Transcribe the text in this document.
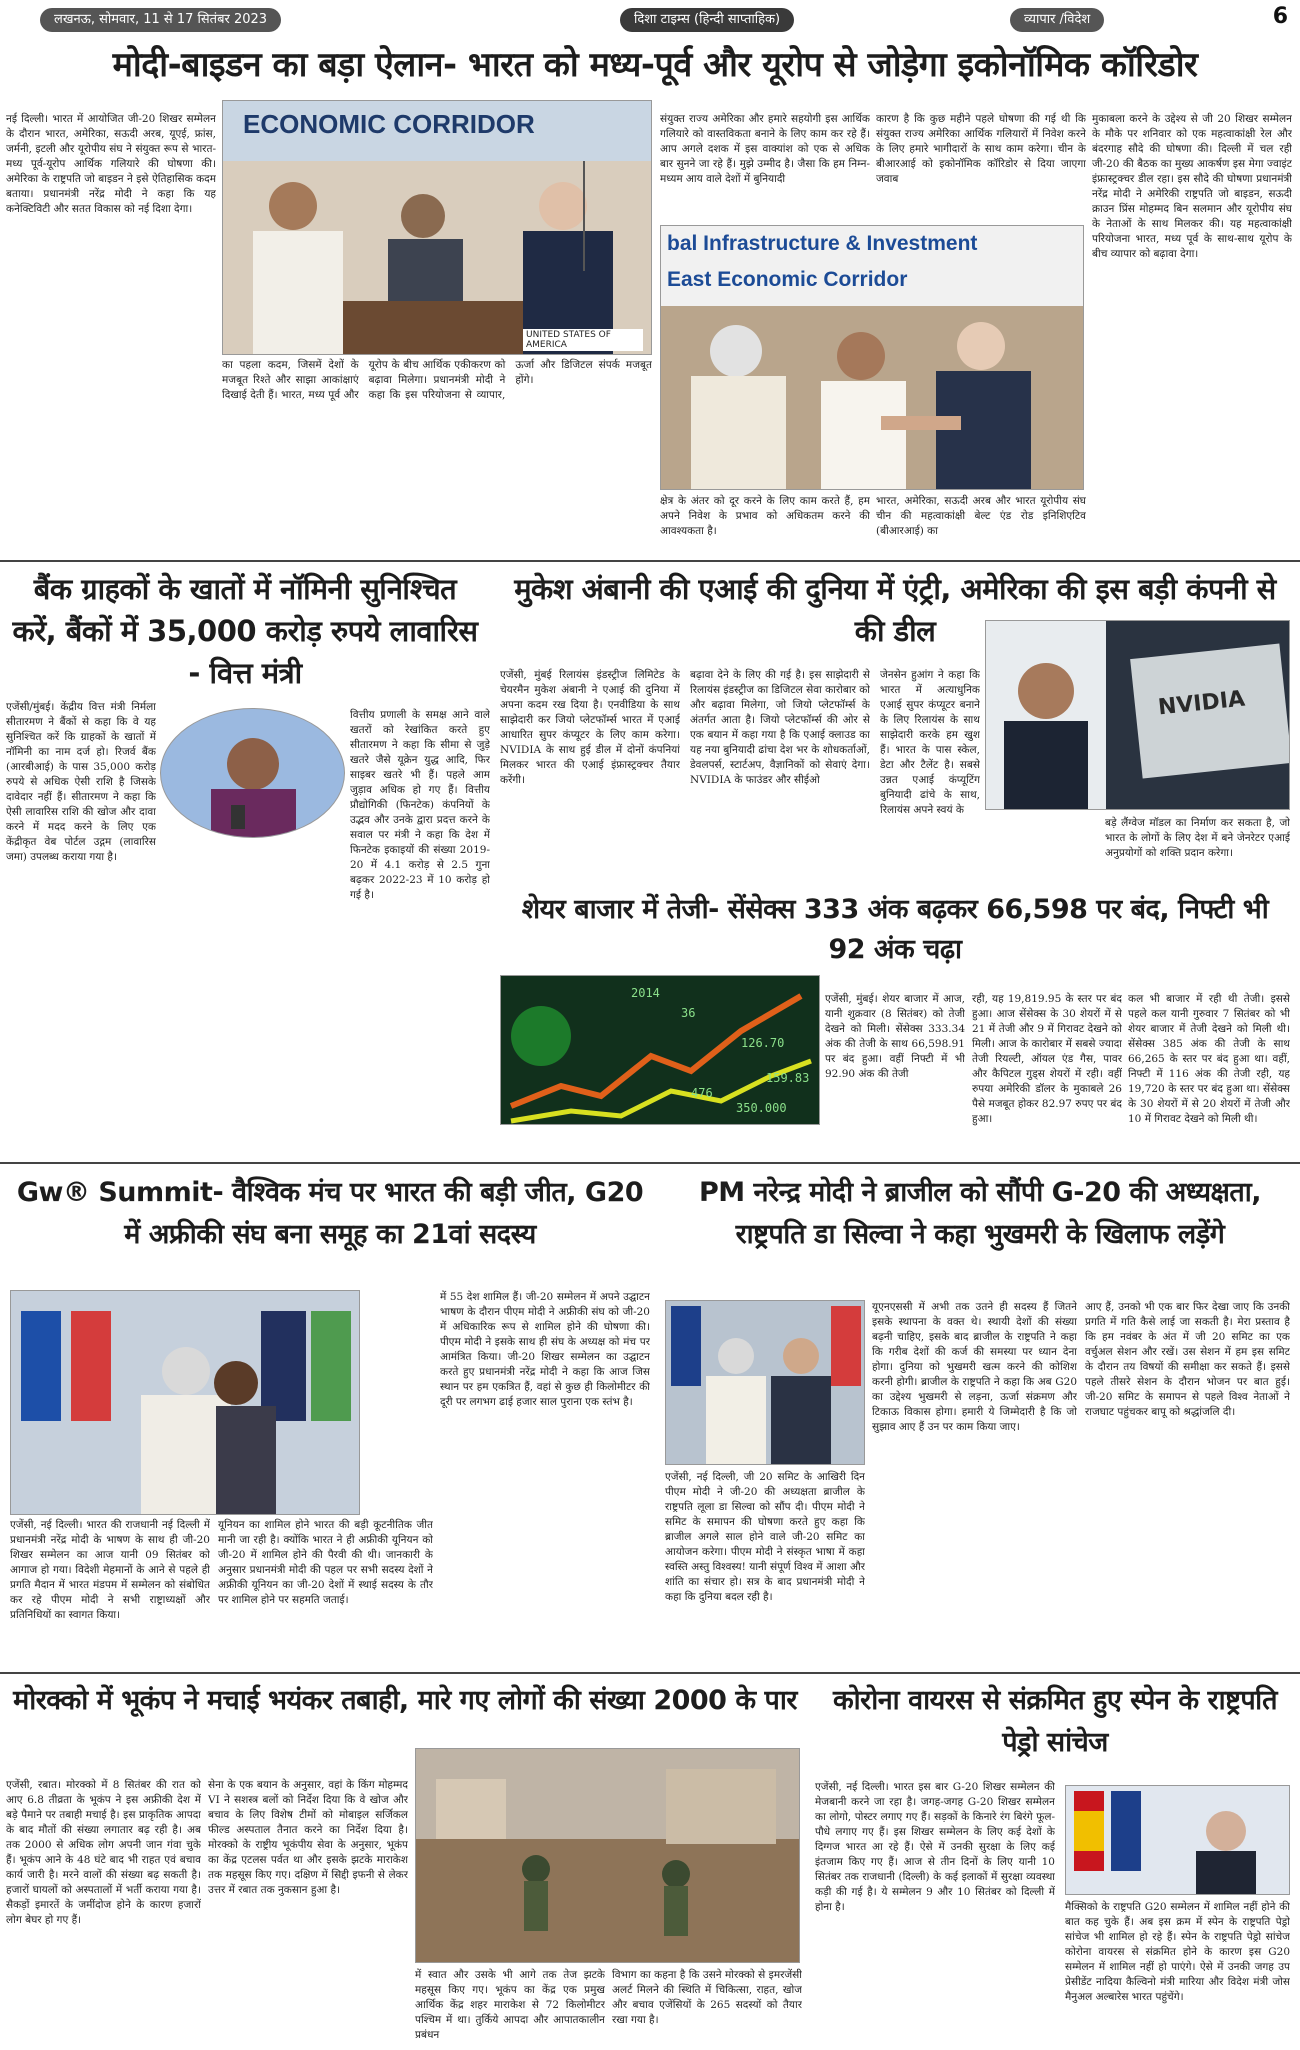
लखनऊ, सोमवार, 11 से 17 सितंबर 2023	दिशा टाइम्स (हिन्दी साप्ताहिक)	व्यापार /विदेश	6
मोदी-बाइडन का बड़ा ऐलान- भारत को मध्य-पूर्व और यूरोप से जोड़ेगा इकोनॉमिक कॉरिडोर
नई दिल्ली। भारत में आयोजित जी-20 शिखर सम्मेलन के दौरान भारत, अमेरिका, सऊदी अरब, यूएई, फ्रांस, जर्मनी, इटली और यूरोपीय संघ ने संयुक्त रूप से भारत-मध्य पूर्व-यूरोप आर्थिक गलियारे की घोषणा की। अमेरिका के राष्ट्रपति जो बाइडन ने इसे ऐतिहासिक कदम बताया। प्रधानमंत्री नरेंद्र मोदी ने कहा कि यह कनेक्टिविटी और सतत विकास को नई दिशा देगा।
ECONOMIC CORRIDOR
UNITED STATES OF AMERICA
का पहला कदम, जिसमें देशों के मजबूत रिश्ते और साझा आकांक्षाएं दिखाई देती हैं। भारत, मध्य पूर्व और यूरोप के बीच आर्थिक एकीकरण को बढ़ावा मिलेगा। प्रधानमंत्री मोदी ने कहा कि इस परियोजना से व्यापार, ऊर्जा और डिजिटल संपर्क मजबूत होंगे।
संयुक्त राज्य अमेरिका और हमारे सहयोगी इस आर्थिक गलियारे को वास्तविकता बनाने के लिए काम कर रहे हैं। आप अगले दशक में इस वाक्यांश को एक से अधिक बार सुनने जा रहे हैं। मुझे उम्मीद है। जैसा कि हम निम्न-मध्यम आय वाले देशों में बुनियादी
कारण है कि कुछ महीने पहले घोषणा की गई थी कि संयुक्त राज्य अमेरिका आर्थिक गलियारों में निवेश करने के लिए हमारे भागीदारों के साथ काम करेगा। चीन के बीआरआई को इकोनॉमिक कॉरिडोर से दिया जाएगा जवाब
bal Infrastructure & Investment
East Economic Corridor
क्षेत्र के अंतर को दूर करने के लिए काम करते हैं, हम अपने निवेश के प्रभाव को अधिकतम करने की आवश्यकता है।
भारत, अमेरिका, सऊदी अरब और भारत यूरोपीय संघ चीन की महत्वाकांक्षी बेल्ट एंड रोड इनिशिएटिव (बीआरआई) का
मुकाबला करने के उद्देश्य से जी 20 शिखर सम्मेलन के मौके पर शनिवार को एक महत्वाकांक्षी रेल और बंदरगाह सौदे की घोषणा की। दिल्ली में चल रही जी-20 की बैठक का मुख्य आकर्षण इस मेगा ज्वाइंट इंफ्रास्ट्रक्चर डील रहा। इस सौदे की घोषणा प्रधानमंत्री नरेंद्र मोदी ने अमेरिकी राष्ट्रपति जो बाइडन, सऊदी क्राउन प्रिंस मोहम्मद बिन सलमान और यूरोपीय संघ के नेताओं के साथ मिलकर की। यह महत्वाकांक्षी परियोजना भारत, मध्य पूर्व के साथ-साथ यूरोप के बीच व्यापार को बढ़ावा देगा।
बैंक ग्राहकों के खातों में नॉमिनी सुनिश्चित करें, बैंकों में 35,000 करोड़ रुपये लावारिस - वित्त मंत्री
एजेंसी/मुंबई। केंद्रीय वित्त मंत्री निर्मला सीतारमण ने बैंकों से कहा कि वे यह सुनिश्चित करें कि ग्राहकों के खातों में नॉमिनी का नाम दर्ज हो। रिजर्व बैंक (आरबीआई) के पास 35,000 करोड़ रुपये से अधिक ऐसी राशि है जिसके दावेदार नहीं हैं। सीतारमण ने कहा कि ऐसी लावारिस राशि की खोज और दावा करने में मदद करने के लिए एक केंद्रीकृत वेब पोर्टल उद्गम (लावारिस जमा) उपलब्ध कराया गया है।
वित्तीय प्रणाली के समक्ष आने वाले खतरों को रेखांकित करते हुए सीतारमण ने कहा कि सीमा से जुड़े खतरे जैसे यूक्रेन युद्ध आदि, फिर साइबर खतरे भी हैं। पहले आम जुड़ाव अधिक हो गए हैं। वित्तीय प्रौद्योगिकी (फिनटेक) कंपनियों के उद्भव और उनके द्वारा प्रदत्त करने के सवाल पर मंत्री ने कहा कि देश में फिनटेक इकाइयों की संख्या 2019-20 में 4.1 करोड़ से 2.5 गुना बढ़कर 2022-23 में 10 करोड़ हो गई है।
मुकेश अंबानी की एआई की दुनिया में एंट्री, अमेरिका की इस बड़ी कंपनी से की डील
एजेंसी, मुंबई रिलायंस इंडस्ट्रीज लिमिटेड के चेयरमैन मुकेश अंबानी ने एआई की दुनिया में अपना कदम रख दिया है। एनवीडिया के साथ साझेदारी कर जियो प्लेटफॉर्म्स भारत में एआई आधारित सुपर कंप्यूटर के लिए काम करेगा। NVIDIA के साथ हुई डील में दोनों कंपनियां मिलकर भारत की एआई इंफ्रास्ट्रक्चर तैयार करेंगी।
बढ़ावा देने के लिए की गई है। इस साझेदारी से रिलायंस इंडस्ट्रीज का डिजिटल सेवा कारोबार को और बढ़ावा मिलेगा, जो जियो प्लेटफॉर्म्स के अंतर्गत आता है। जियो प्लेटफॉर्म्स की ओर से एक बयान में कहा गया है कि एआई क्लाउड का यह नया बुनियादी ढांचा देश भर के शोधकर्ताओं, डेवलपर्स, स्टार्टअप, वैज्ञानिकों को सेवाएं देगा। NVIDIA के फाउंडर और सीईओ
जेनसेन हुआंग ने कहा कि भारत में अत्याधुनिक एआई सुपर कंप्यूटर बनाने के लिए रिलायंस के साथ साझेदारी करके हम खुश हैं। भारत के पास स्केल, डेटा और टैलेंट है। सबसे उन्नत एआई कंप्यूटिंग बुनियादी ढांचे के साथ, रिलायंस अपने स्वयं के
NVIDIA
बड़े लैंग्वेज मॉडल का निर्माण कर सकता है, जो भारत के लोगों के लिए देश में बने जेनरेटर एआई अनुप्रयोगों को शक्ति प्रदान करेगा।
शेयर बाजार में तेजी- सेंसेक्स 333 अंक बढ़कर 66,598 पर बंद, निफ्टी भी 92 अंक चढ़ा
2014
36
126.70
350.000
159.83
476
एजेंसी, मुंबई। शेयर बाजार में आज, यानी शुक्रवार (8 सितंबर) को तेजी देखने को मिली। सेंसेक्स 333.34 अंक की तेजी के साथ 66,598.91 पर बंद हुआ। वहीं निफ्टी में भी 92.90 अंक की तेजी
रही, यह 19,819.95 के स्तर पर बंद हुआ। आज सेंसेक्स के 30 शेयरों में से 21 में तेजी और 9 में गिरावट देखने को मिली। आज के कारोबार में सबसे ज्यादा तेजी रियल्टी, ऑयल एंड गैस, पावर और कैपिटल गुड्स शेयरों में रही। वहीं रुपया अमेरिकी डॉलर के मुकाबले 26 पैसे मजबूत होकर 82.97 रुपए पर बंद हुआ।
कल भी बाजार में रही थी तेजी। इससे पहले कल यानी गुरुवार 7 सितंबर को भी शेयर बाजार में तेजी देखने को मिली थी। सेंसेक्स 385 अंक की तेजी के साथ 66,265 के स्तर पर बंद हुआ था। वहीं, निफ्टी में 116 अंक की तेजी रही, यह 19,720 के स्तर पर बंद हुआ था। सेंसेक्स के 30 शेयरों में से 20 शेयरों में तेजी और 10 में गिरावट देखने को मिली थी।
Gw® Summit- वैश्विक मंच पर भारत की बड़ी जीत, G20 में अफ्रीकी संघ बना समूह का 21वां सदस्य
एजेंसी, नई दिल्ली। भारत की राजधानी नई दिल्ली में प्रधानमंत्री नरेंद्र मोदी के भाषण के साथ ही जी-20 शिखर सम्मेलन का आज यानी 09 सितंबर को आगाज हो गया। विदेशी मेहमानों के आने से पहले ही प्रगति मैदान में भारत मंडपम में सम्मेलन को संबोधित कर रहे पीएम मोदी ने सभी राष्ट्राध्यक्षों और प्रतिनिधियों का स्वागत किया।
यूनियन का शामिल होने भारत की बड़ी कूटनीतिक जीत मानी जा रही है। क्योंकि भारत ने ही अफ्रीकी यूनियन को जी-20 में शामिल होने की पैरवी की थी। जानकारी के अनुसार प्रधानमंत्री मोदी की पहल पर सभी सदस्य देशों ने अफ्रीकी यूनियन का जी-20 देशों में स्थाई सदस्य के तौर पर शामिल होने पर सहमति जताई।
में 55 देश शामिल हैं। जी-20 सम्मेलन में अपने उद्घाटन भाषण के दौरान पीएम मोदी ने अफ्रीकी संघ को जी-20 में अधिकारिक रूप से शामिल होने की घोषणा की। पीएम मोदी ने इसके साथ ही संघ के अध्यक्ष को मंच पर आमंत्रित किया। जी-20 शिखर सम्मेलन का उद्घाटन करते हुए प्रधानमंत्री नरेंद्र मोदी ने कहा कि आज जिस स्थान पर हम एकत्रित हैं, वहां से कुछ ही किलोमीटर की दूरी पर लगभग ढाई हजार साल पुराना एक स्तंभ है।
PM नरेन्द्र मोदी ने ब्राजील को सौंपी G-20 की अध्यक्षता, राष्ट्रपति डा सिल्वा ने कहा भुखमरी के खिलाफ लड़ेंगे
एजेंसी, नई दिल्ली, जी 20 समिट के आखिरी दिन पीएम मोदी ने जी-20 की अध्यक्षता ब्राजील के राष्ट्रपति लूला डा सिल्वा को सौंप दी। पीएम मोदी ने समिट के समापन की घोषणा करते हुए कहा कि ब्राजील अगले साल होने वाले जी-20 समिट का आयोजन करेगा। पीएम मोदी ने संस्कृत भाषा में कहा स्वस्ति अस्तु विश्वस्य! यानी संपूर्ण विश्व में आशा और शांति का संचार हो। सत्र के बाद प्रधानमंत्री मोदी ने कहा कि दुनिया बदल रही है।
यूएनएससी में अभी तक उतने ही सदस्य हैं जितने इसके स्थापना के वक्त थे। स्थायी देशों की संख्या बढ़नी चाहिए, इसके बाद ब्राजील के राष्ट्रपति ने कहा कि गरीब देशों की कर्ज की समस्या पर ध्यान देना होगा। दुनिया को भुखमरी खत्म करने की कोशिश करनी होगी। ब्राजील के राष्ट्रपति ने कहा कि अब G20 का उद्देश्य भुखमरी से लड़ना, ऊर्जा संक्रमण और टिकाऊ विकास होगा। हमारी ये जिम्मेदारी है कि जो सुझाव आए हैं उन पर काम किया जाए।
आए हैं, उनको भी एक बार फिर देखा जाए कि उनकी प्रगति में गति कैसे लाई जा सकती है। मेरा प्रस्ताव है कि हम नवंबर के अंत में जी 20 समिट का एक वर्चुअल सेशन और रखें। उस सेशन में हम इस समिट के दौरान तय विषयों की समीक्षा कर सकते हैं। इससे पहले तीसरे सेशन के दौरान भोजन पर बात हुई। जी-20 समिट के समापन से पहले विश्व नेताओं ने राजघाट पहुंचकर बापू को श्रद्धांजलि दी।
मोरक्को में भूकंप ने मचाई भयंकर तबाही, मारे गए लोगों की संख्या 2000 के पार
एजेंसी, रबात। मोरक्को में 8 सितंबर की रात को आए 6.8 तीव्रता के भूकंप ने इस अफ्रीकी देश में बड़े पैमाने पर तबाही मचाई है। इस प्राकृतिक आपदा के बाद मौतों की संख्या लगातार बढ़ रही है। अब तक 2000 से अधिक लोग अपनी जान गंवा चुके हैं। भूकंप आने के 48 घंटे बाद भी राहत एवं बचाव कार्य जारी है। मरने वालों की संख्या बढ़ सकती है। हजारों घायलों को अस्पतालों में भर्ती कराया गया है। सैकड़ों इमारतें के जमींदोज होने के कारण हजारों लोग बेघर हो गए हैं।
सेना के एक बयान के अनुसार, वहां के किंग मोहम्मद VI ने सशस्त्र बलों को निर्देश दिया कि वे खोज और बचाव के लिए विशेष टीमों को मोबाइल सर्जिकल फील्ड अस्पताल तैनात करने का निर्देश दिया है। मोरक्को के राष्ट्रीय भूकंपीय सेवा के अनुसार, भूकंप का केंद्र एटलस पर्वत था और इसके झटके माराकेश तक महसूस किए गए। दक्षिण में सिद्दी इफनी से लेकर उत्तर में रबात तक नुकसान हुआ है।
में स्वात और उसके भी आगे तक तेज झटके महसूस किए गए। भूकंप का केंद्र एक प्रमुख आर्थिक केंद्र शहर माराकेश से 72 किलोमीटर पश्चिम में था। तुर्किये आपदा और आपातकालीन प्रबंधन
विभाग का कहना है कि उसने मोरक्को से इमरजेंसी अलर्ट मिलने की स्थिति में चिकित्सा, राहत, खोज और बचाव एजेंसियों के 265 सदस्यों को तैयार रखा गया है।
कोरोना वायरस से संक्रमित हुए स्पेन के राष्ट्रपति पेड्रो सांचेज
एजेंसी, नई दिल्ली। भारत इस बार G-20 शिखर सम्मेलन की मेजबानी करने जा रहा है। जगह-जगह G-20 शिखर सम्मेलन का लोगो, पोस्टर लगाए गए हैं। सड़कों के किनारे रंग बिरंगे फूल-पौधे लगाए गए हैं। इस शिखर सम्मेलन के लिए कई देशों के दिग्गज भारत आ रहे हैं। ऐसे में उनकी सुरक्षा के लिए कई इंतजाम किए गए हैं। आज से तीन दिनों के लिए यानी 10 सितंबर तक राजधानी (दिल्ली) के कई इलाकों में सुरक्षा व्यवस्था कड़ी की गई है। ये सम्मेलन 9 और 10 सितंबर को दिल्ली में होना है।	मैक्सिको के राष्ट्रपति G20 सम्मेलन में शामिल नहीं होने की बात कह चुके हैं। अब इस क्रम में स्पेन के राष्ट्रपति पेड्रो सांचेज भी शामिल हो रहे हैं। स्पेन के राष्ट्रपति पेड्रो सांचेज कोरोना वायरस से संक्रमित होने के कारण इस G20 सम्मेलन में शामिल नहीं हो पाएंगे। ऐसे में उनकी जगह उप प्रेसीडेंट नादिया कैल्विनो मंत्री मारिया और विदेश मंत्री जोस मैनुअल अल्बारेस भारत पहुंचेंगे।
